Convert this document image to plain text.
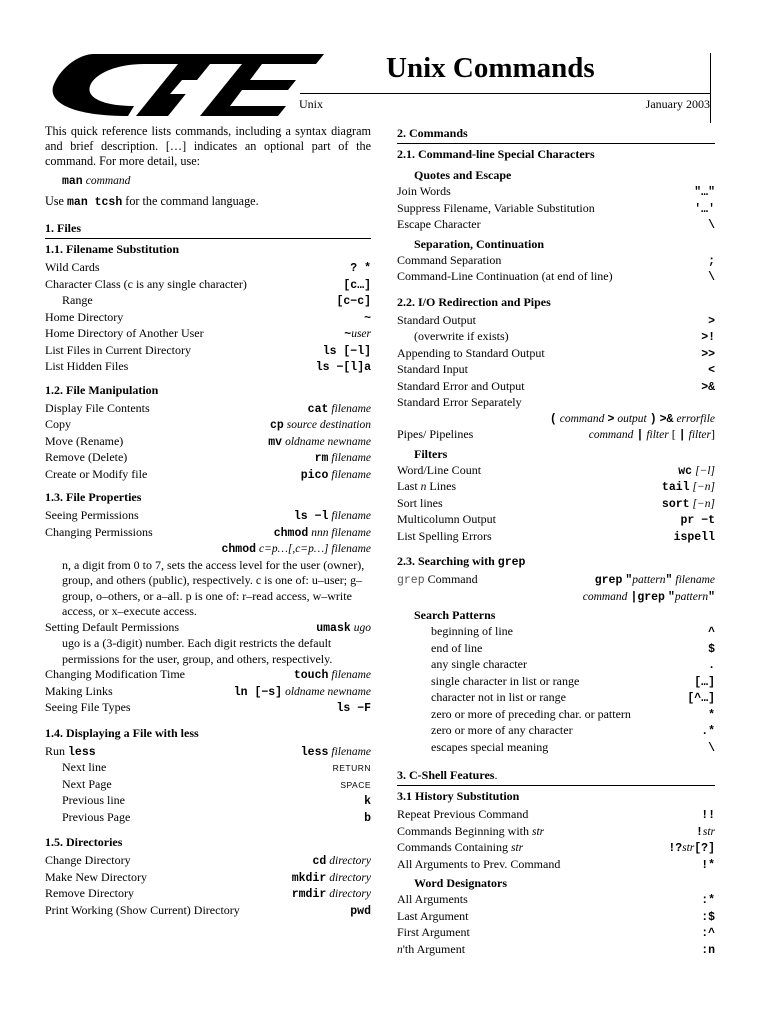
Unix Commands
Unix	January 2003

This quick reference lists commands, including a syntax diagram and brief description. […] indicates an optional part of the command. For more detail, use:

man command
Use man tcsh for the command language.
1. Files
1.1. Filename Substitution
Wild Cards	? *
Character Class (c is any single character)	[c…]
Range	[c−c]
Home Directory	~
Home Directory of Another User	~user
List Files in Current Directory	ls [−l]
List Hidden Files	ls −[l]a
1.2. File Manipulation
Display File Contents	cat filename
Copy	cp source destination
Move (Rename)	mv oldname newname
Remove (Delete)	rm filename
Create or Modify file	pico filename
1.3. File Properties
Seeing Permissions	ls −l filename
Changing Permissions	chmod nnn filename
chmod c=p…[,c=p…] filename
n, a digit from 0 to 7, sets the access level for the user (owner), group, and others (public), respectively. c is one of: u–user; g–group, o–others, or a–all. p is one of: r–read access, w–write access, or x–execute access.
Setting Default Permissions	umask ugo
ugo is a (3-digit) number. Each digit restricts the default permissions for the user, group, and others, respectively.
Changing Modification Time	touch filename
Making Links	ln [−s] oldname newname
Seeing File Types	ls −F
1.4. Displaying a File with less
Run less	less filename
Next line	RETURN
Next Page	SPACE
Previous line	k
Previous Page	b
1.5. Directories
Change Directory	cd directory
Make New Directory	mkdir directory
Remove Directory	rmdir directory
Print Working (Show Current) Directory	pwd
2. Commands
2.1. Command-line Special Characters
Quotes and Escape
Join Words	"…"
Suppress Filename, Variable Substitution	'…'
Escape Character	\
Separation, Continuation
Command Separation	;
Command-Line Continuation (at end of line)	\
2.2. I/O Redirection and Pipes
Standard Output	>
(overwrite if exists)	>!
Appending to Standard Output	>>
Standard Input	<
Standard Error and Output	>&
Standard Error Separately
( command > output ) >& errorfile
Pipes/ Pipelines	command | filter [ | filter]
Filters
Word/Line Count	wc [−l]
Last n Lines	tail [−n]
Sort lines	sort [−n]
Multicolumn Output	pr −t
List Spelling Errors	ispell
2.3. Searching with grep
grep Command	grep "pattern" filename
command |grep "pattern"
Search Patterns
beginning of line	^
end of line	$
any single character	.
single character in list or range	[…]
character not in list or range	[^…]
zero or more of preceding char. or pattern	*
zero or more of any character	.*
escapes special meaning	\
3. C-Shell Features.
3.1 History Substitution
Repeat Previous Command	!!
Commands Beginning with str	!str
Commands Containing str	!?str[?]
All Arguments to Prev. Command	!*
Word Designators
All Arguments	:*
Last Argument	:$
First Argument	:^
n'th Argument	:n
